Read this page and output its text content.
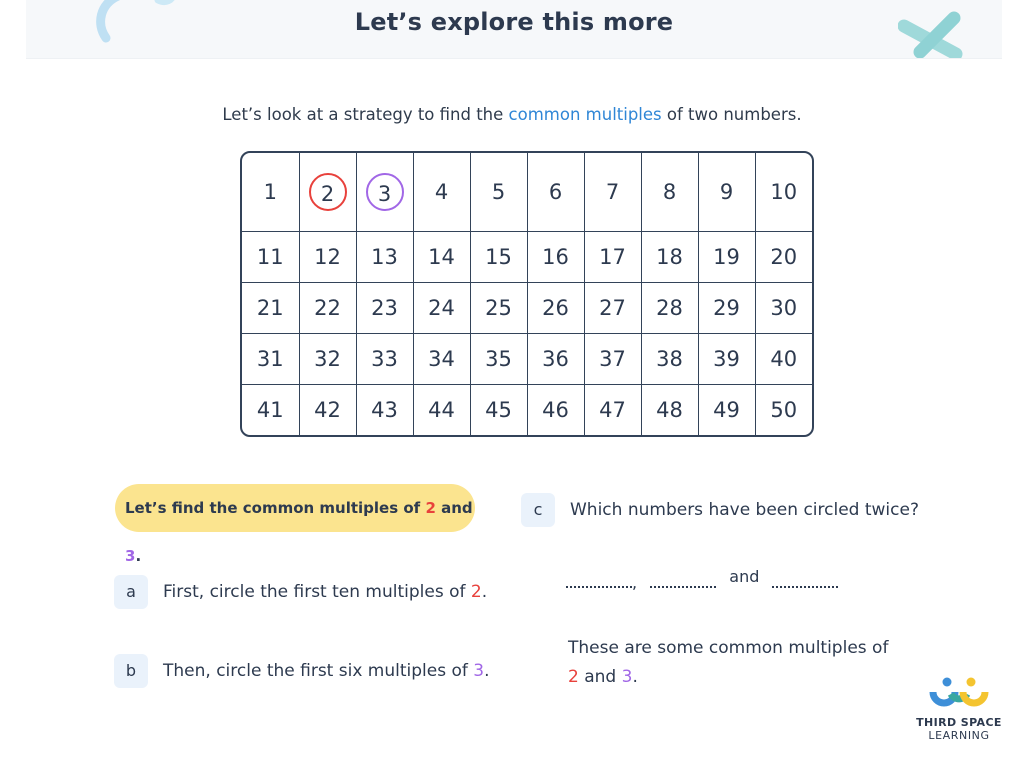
Let’s explore this more
Let’s look at a strategy to find the common multiples of two numbers.
1	2	3	4	5	6	7	8	9	10
11	12	13	14	15	16	17	18	19	20
21	22	23	24	25	26	27	28	29	30
31	32	33	34	35	36	37	38	39	40
41	42	43	44	45	46	47	48	49	50
Let’s find the common multiples of 2 and 3.
a	First, circle the first ten multiples of 2.
b	Then, circle the first six multiples of 3.
c	Which numbers have been circled twice?
,	and
These are some common multiples of
2 and 3.
THIRD SPACE
LEARNING
